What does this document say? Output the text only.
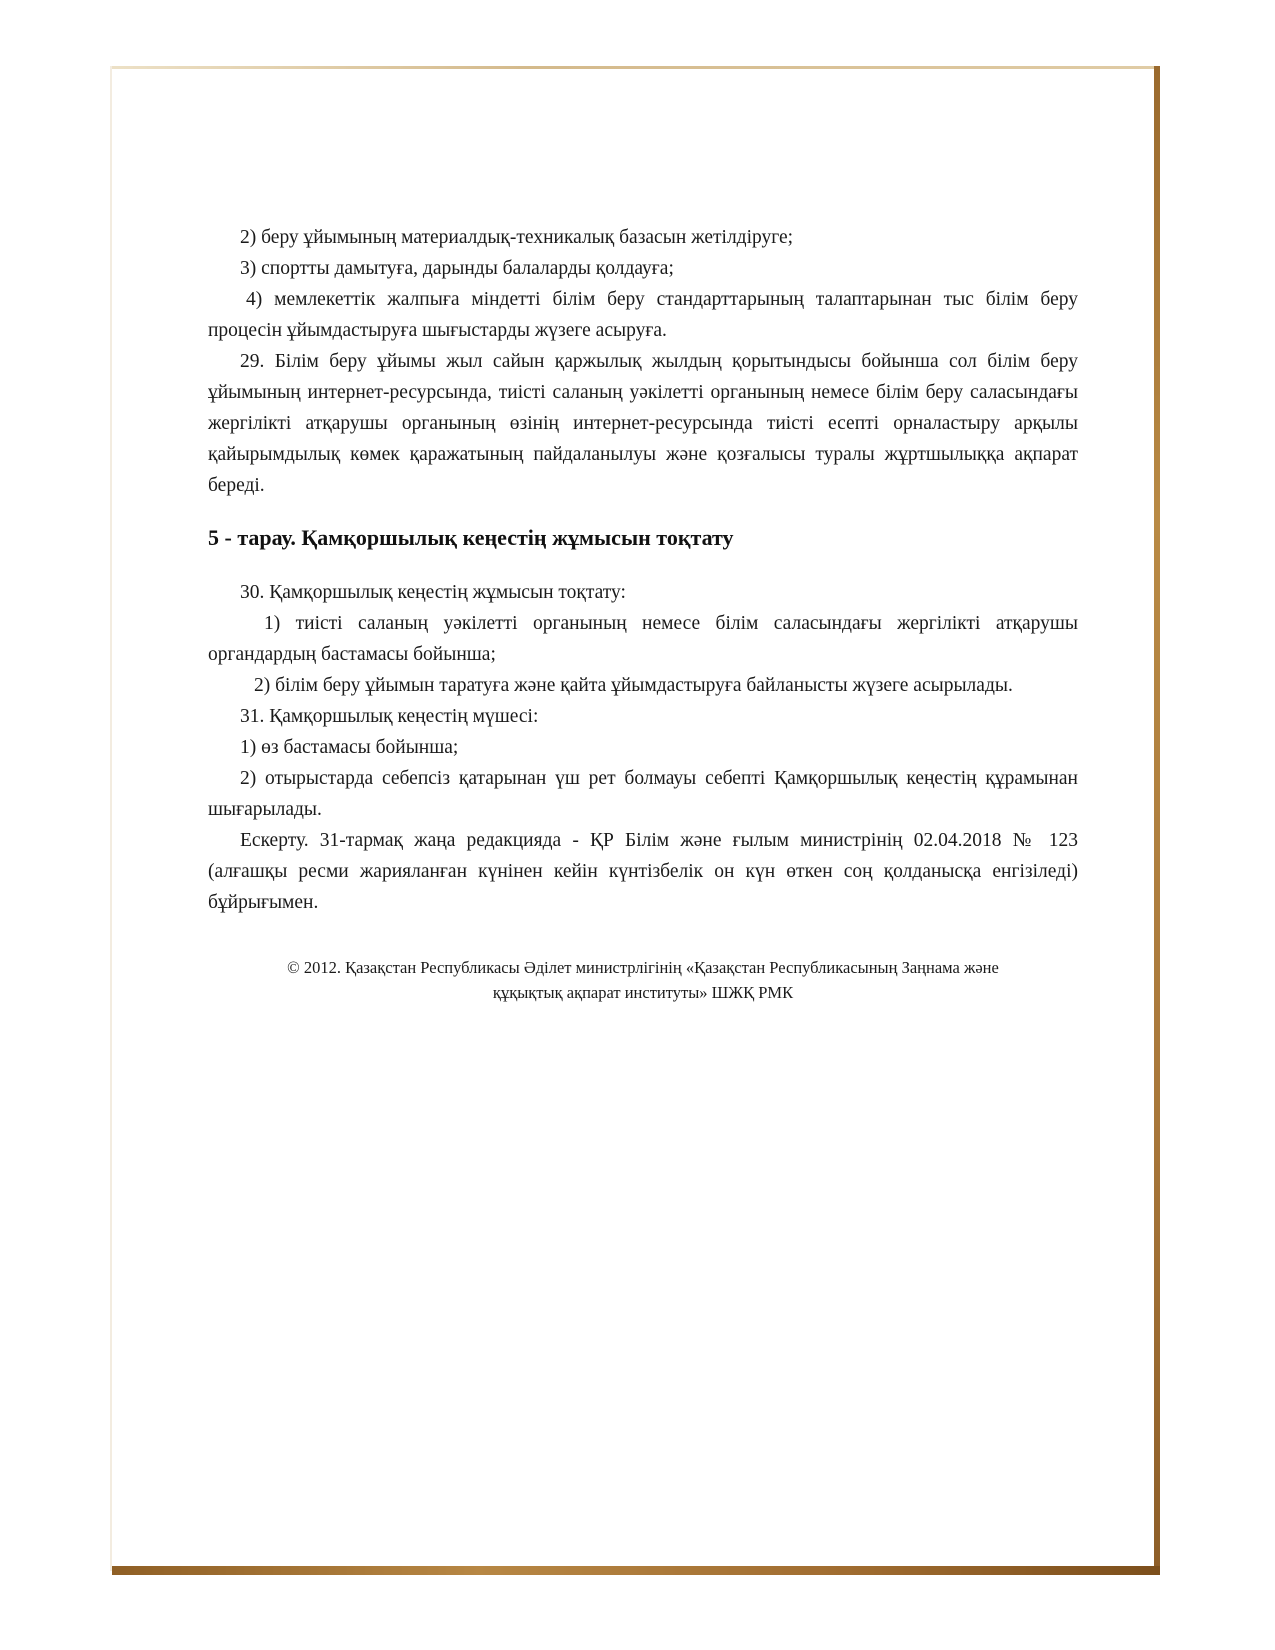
2) беру ұйымының материалдық-техникалық базасын жетілдіруге;

3) спортты дамытуға, дарынды балаларды қолдауға;

4) мемлекеттік жалпыға міндетті білім беру стандарттарының талаптарынан тыс білім беру процесін ұйымдастыруға шығыстарды жүзеге асыруға.

29. Білім беру ұйымы жыл сайын қаржылық жылдың қорытындысы бойынша сол білім беру ұйымының интернет-ресурсында, тиісті саланың уәкілетті органының немесе білім беру саласындағы жергілікті атқарушы органының өзінің интернет-ресурсында тиісті есепті орналастыру арқылы қайырымдылық көмек қаражатының пайдаланылуы және қозғалысы туралы жұртшылыққа ақпарат береді.

5 - тарау. Қамқоршылық кеңестің жұмысын тоқтату

30. Қамқоршылық кеңестің жұмысын тоқтату:

1) тиісті саланың уәкілетті органының немесе білім саласындағы жергілікті атқарушы органдардың бастамасы бойынша;

2) білім беру ұйымын таратуға және қайта ұйымдастыруға байланысты жүзеге асырылады.

31. Қамқоршылық кеңестің мүшесі:

1) өз бастамасы бойынша;

2) отырыстарда себепсіз қатарынан үш рет болмауы себепті Қамқоршылық кеңестің құрамынан шығарылады.

Ескерту. 31-тармақ жаңа редакцияда - ҚР Білім және ғылым министрінің 02.04.2018 № 123 (алғашқы ресми жарияланған күнінен кейін күнтізбелік он күн өткен соң қолданысқа енгізіледі) бұйрығымен.

© 2012. Қазақстан Республикасы Әділет министрлігінің «Қазақстан Республикасының Заңнама және
құқықтық ақпарат институты» ШЖҚ РМК
